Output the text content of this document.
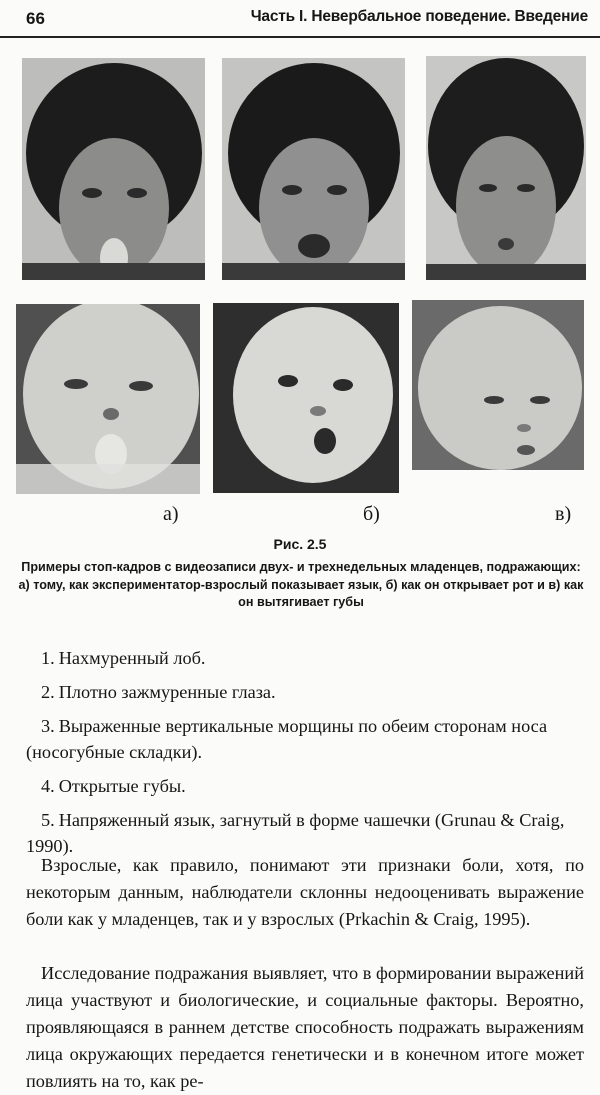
66	Часть I. Невербальное поведение. Введение
а)	б)	в)
Рис. 2.5
Примеры стоп-кадров с видеозаписи двух- и трехнедельных младенцев, подражающих: а) тому, как экспериментатор-взрослый показывает язык, б) как он открывает рот и в) как он вытягивает губы
1. Нахмуренный лоб.
2. Плотно зажмуренные глаза.
3. Выраженные вертикальные морщины по обеим сторонам носа (носогубные складки).
4. Открытые губы.
5. Напряженный язык, загнутый в форме чашечки (Grunau & Craig, 1990).

Взрослые, как правило, понимают эти признаки боли, хотя, по некоторым данным, наблюдатели склонны недооценивать выражение боли как у младенцев, так и у взрослых (Prkachin & Craig, 1995).

Исследование подражания выявляет, что в формировании выражений лица участвуют и биологические, и социальные факторы. Вероятно, проявляющаяся в раннем детстве способность подражать выражениям лица окружающих передается генетически и в конечном итоге может повлиять на то, как ре-
